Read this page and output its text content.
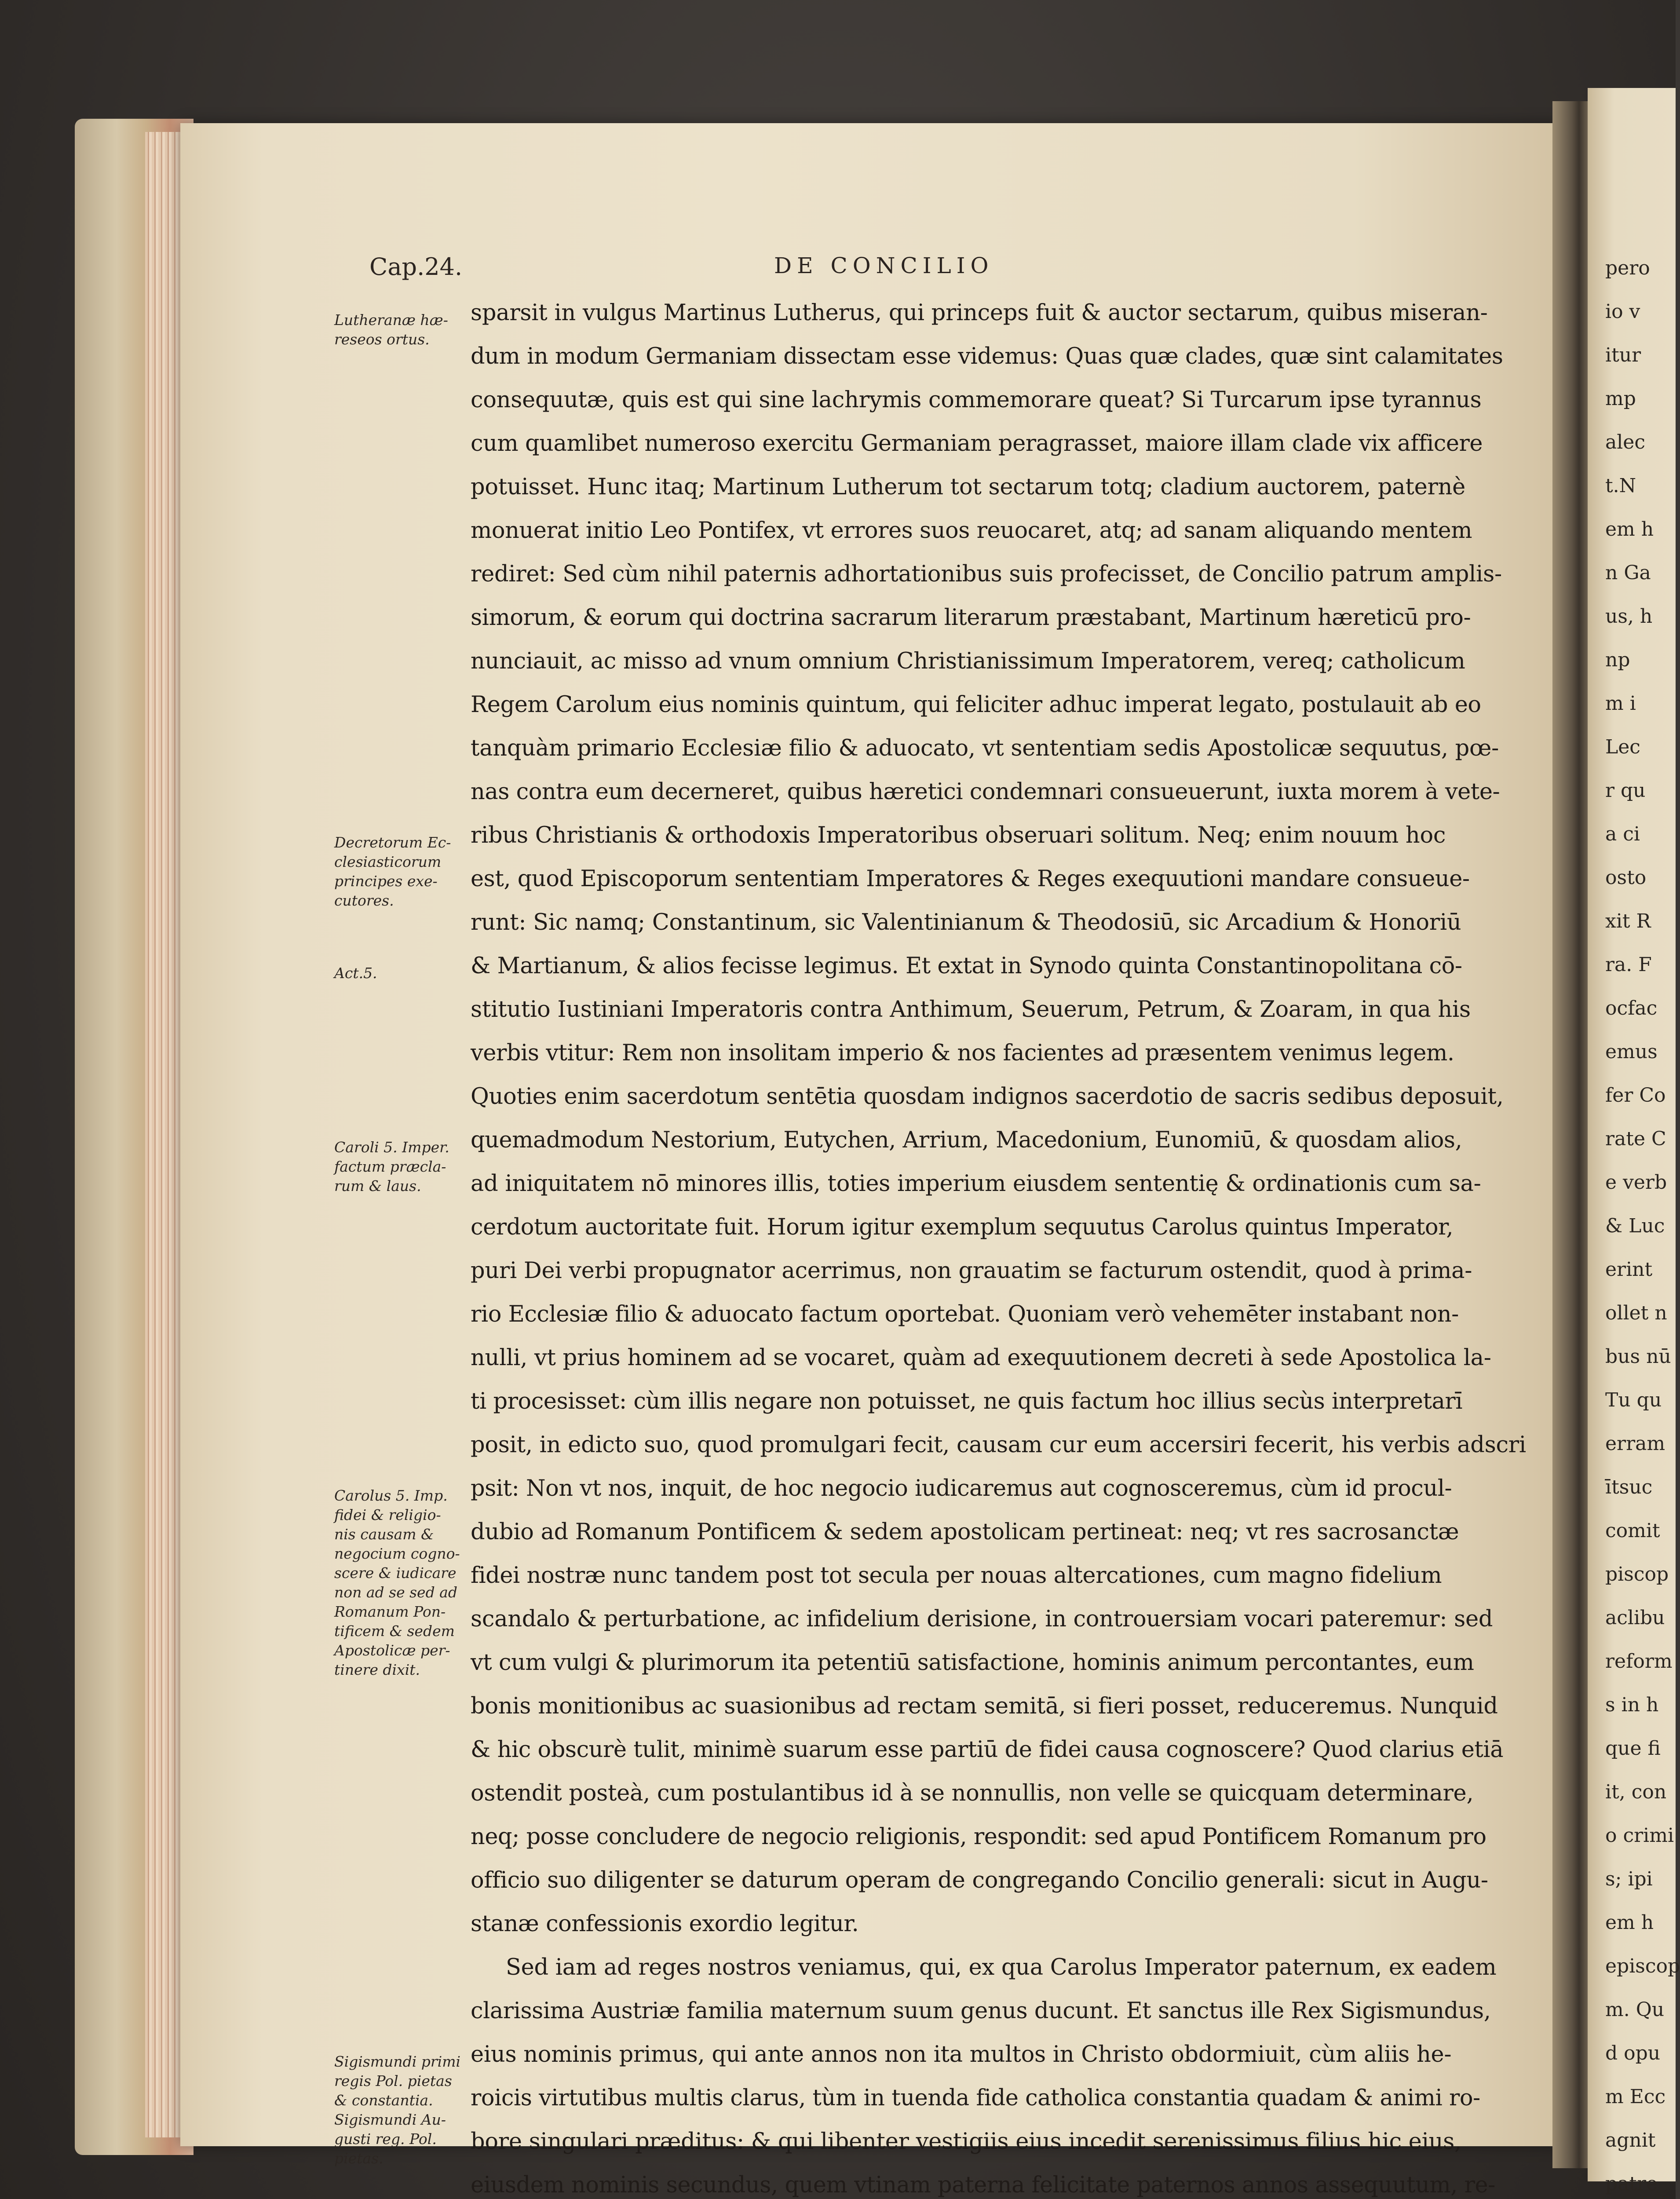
pero
io v
itur
mp
alec
t.N
em h
n Ga
us, h
np
m i
Lec
r qu
a ci
osto
xit R
ra. F
ocfac
emus
fer Co
rate C
e verb
& Luc
erint
ollet n
bus nū
Tu qu
erram
ītsuc
comit
piscop
aclibu
reform
s in h
que fi
it, con
o crimi
s; ipi
em h
episcop
m. Qu
d opu
m Ecc
agnit
patre
Cap.24.	DE CONCILIO
Lutheranæ hæ-
reseos ortus.
Decretorum Ec-
clesiasticorum
principes exe-
cutores.
Act.5.
Caroli 5. Imper.
factum præcla-
rum & laus.
Carolus 5. Imp.
fidei & religio-
nis causam &
negocium cogno-
scere & iudicare
non ad se sed ad
Romanum Pon-
tificem & sedem
Apostolicæ per-
tinere dixit.
Sigismundi primi
regis Pol. pietas
& constantia.
Sigismundi Au-
gusti reg. Pol.
pietas.
sparsit in vulgus Martinus Lutherus, qui princeps fuit & auctor sectarum, quibus miseran-
dum in modum Germaniam dissectam esse videmus: Quas quæ clades, quæ sint calamitates
consequutæ, quis est qui sine lachrymis commemorare queat? Si Turcarum ipse tyrannus
cum quamlibet numeroso exercitu Germaniam peragrasset, maiore illam clade vix afficere
potuisset. Hunc itaq; Martinum Lutherum tot sectarum totq; cladium auctorem, paternè
monuerat initio Leo Pontifex, vt errores suos reuocaret, atq; ad sanam aliquando mentem
rediret: Sed cùm nihil paternis adhortationibus suis profecisset, de Concilio patrum amplis-
simorum, & eorum qui doctrina sacrarum literarum præstabant, Martinum hæreticū pro-
nunciauit, ac misso ad vnum omnium Christianissimum Imperatorem, vereq; catholicum
Regem Carolum eius nominis quintum, qui feliciter adhuc imperat legato, postulauit ab eo
tanquàm primario Ecclesiæ filio & aduocato, vt sententiam sedis Apostolicæ sequutus, pœ-
nas contra eum decerneret, quibus hæretici condemnari consueuerunt, iuxta morem à vete-
ribus Christianis & orthodoxis Imperatoribus obseruari solitum. Neq; enim nouum hoc
est, quod Episcoporum sententiam Imperatores & Reges exequutioni mandare consueue-
runt: Sic namq; Constantinum, sic Valentinianum & Theodosiū, sic Arcadium & Honoriū
& Martianum, & alios fecisse legimus. Et extat in Synodo quinta Constantinopolitana cō-
stitutio Iustiniani Imperatoris contra Anthimum, Seuerum, Petrum, & Zoaram, in qua his
verbis vtitur: Rem non insolitam imperio & nos facientes ad præsentem venimus legem.
Quoties enim sacerdotum sentētia quosdam indignos sacerdotio de sacris sedibus deposuit,
quemadmodum Nestorium, Eutychen, Arrium, Macedonium, Eunomiū, & quosdam alios,
ad iniquitatem nō minores illis, toties imperium eiusdem sententię & ordinationis cum sa-
cerdotum auctoritate fuit. Horum igitur exemplum sequutus Carolus quintus Imperator,
puri Dei verbi propugnator acerrimus, non grauatim se facturum ostendit, quod à prima-
rio Ecclesiæ filio & aduocato factum oportebat. Quoniam verò vehemēter instabant non-
nulli, vt prius hominem ad se vocaret, quàm ad exequutionem decreti à sede Apostolica la-
ti procesisset: cùm illis negare non potuisset, ne quis factum hoc illius secùs interpretarī
posit, in edicto suo, quod promulgari fecit, causam cur eum accersiri fecerit, his verbis adscri
psit: Non vt nos, inquit, de hoc negocio iudicaremus aut cognosceremus, cùm id procul-
dubio ad Romanum Pontificem & sedem apostolicam pertineat: neq; vt res sacrosanctæ
fidei nostræ nunc tandem post tot secula per nouas altercationes, cum magno fidelium
scandalo & perturbatione, ac infidelium derisione, in controuersiam vocari pateremur: sed
vt cum vulgi & plurimorum ita petentiū satisfactione, hominis animum percontantes, eum
bonis monitionibus ac suasionibus ad rectam semitā, si fieri posset, reduceremus. Nunquid
& hic obscurè tulit, minimè suarum esse partiū de fidei causa cognoscere? Quod clarius etiā
ostendit posteà, cum postulantibus id à se nonnullis, non velle se quicquam determinare,
neq; posse concludere de negocio religionis, respondit: sed apud Pontificem Romanum pro
officio suo diligenter se daturum operam de congregando Concilio generali: sicut in Augu-
stanæ confessionis exordio legitur.
Sed iam ad reges nostros veniamus, qui, ex qua Carolus Imperator paternum, ex eadem
clarissima Austriæ familia maternum suum genus ducunt. Et sanctus ille Rex Sigismundus,
eius nominis primus, qui ante annos non ita multos in Christo obdormiuit, cùm aliis he-
roicis virtutibus multis clarus, tùm in tuenda fide catholica constantia quadam & animi ro-
bore singulari præditus: & qui libenter vestigiis eius incedit serenissimus filius hic eius,
eiusdem nominis secundus, quem vtinam paterna felicitate paternos annos assequutum, re-
